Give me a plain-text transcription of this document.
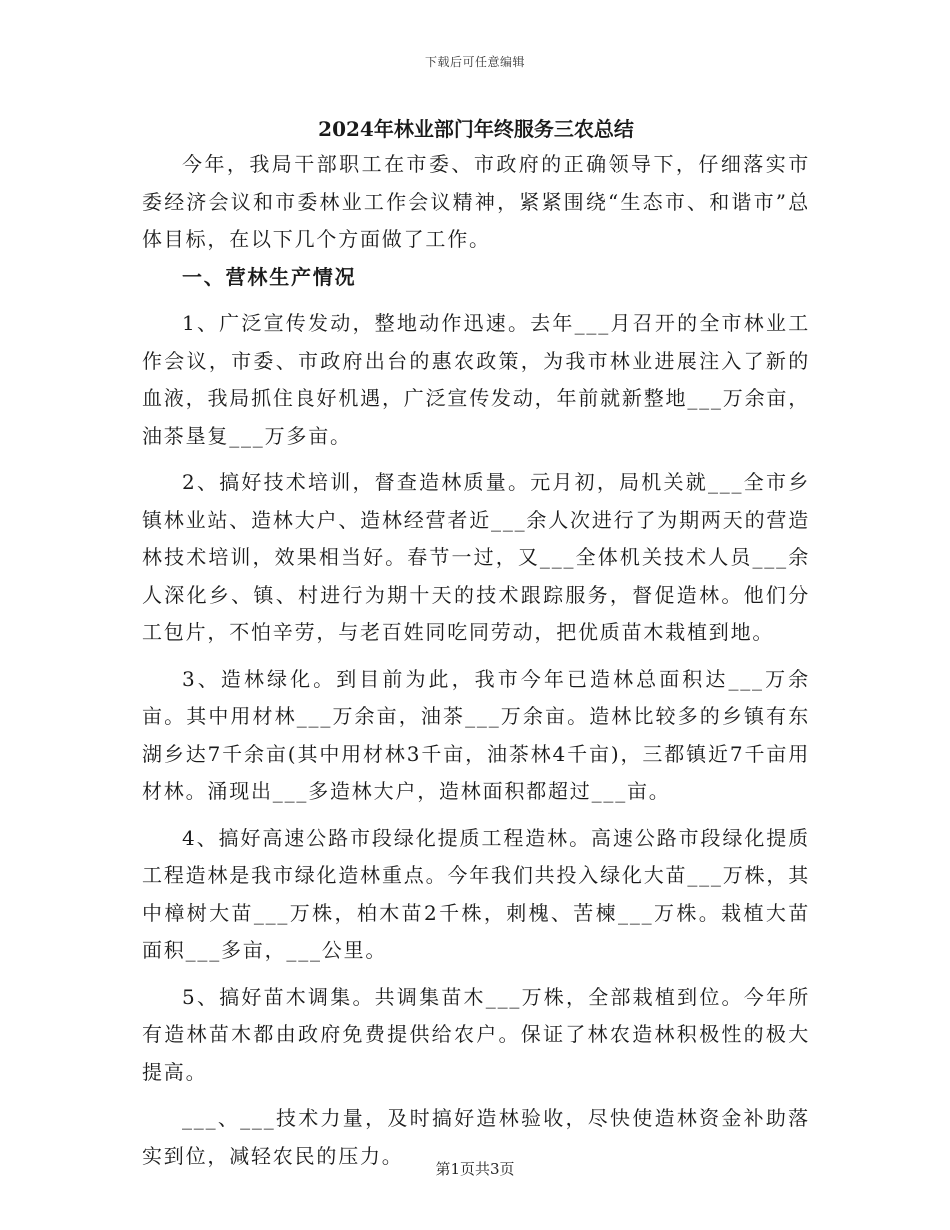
下载后可任意编辑
2024年林业部门年终服务三农总结

今年，我局干部职工在市委、市政府的正确领导下，仔细落实市委经济会议和市委林业工作会议精神，紧紧围绕“生态市、和谐市”总体目标，在以下几个方面做了工作。

一、营林生产情况

1、广泛宣传发动，整地动作迅速。去年___月召开的全市林业工作会议，市委、市政府出台的惠农政策，为我市林业进展注入了新的血液，我局抓住良好机遇，广泛宣传发动，年前就新整地___万余亩，油茶垦复___万多亩。

2、搞好技术培训，督查造林质量。元月初，局机关就___全市乡镇林业站、造林大户、造林经营者近___余人次进行了为期两天的营造林技术培训，效果相当好。春节一过，又___全体机关技术人员___余人深化乡、镇、村进行为期十天的技术跟踪服务，督促造林。他们分工包片，不怕辛劳，与老百姓同吃同劳动，把优质苗木栽植到地。

3、造林绿化。到目前为此，我市今年已造林总面积达___万余亩。其中用材林___万余亩，油茶___万余亩。造林比较多的乡镇有东湖乡达7千余亩(其中用材林3千亩，油茶林4千亩)，三都镇近7千亩用材林。涌现出___多造林大户，造林面积都超过___亩。

4、搞好高速公路市段绿化提质工程造林。高速公路市段绿化提质工程造林是我市绿化造林重点。今年我们共投入绿化大苗___万株，其中樟树大苗___万株，柏木苗2千株，刺槐、苦楝___万株。栽植大苗面积___多亩，___公里。

5、搞好苗木调集。共调集苗木___万株，全部栽植到位。今年所有造林苗木都由政府免费提供给农户。保证了林农造林积极性的极大提高。

___、___技术力量，及时搞好造林验收，尽快使造林资金补助落实到位，减轻农民的压力。

第1页共3页
